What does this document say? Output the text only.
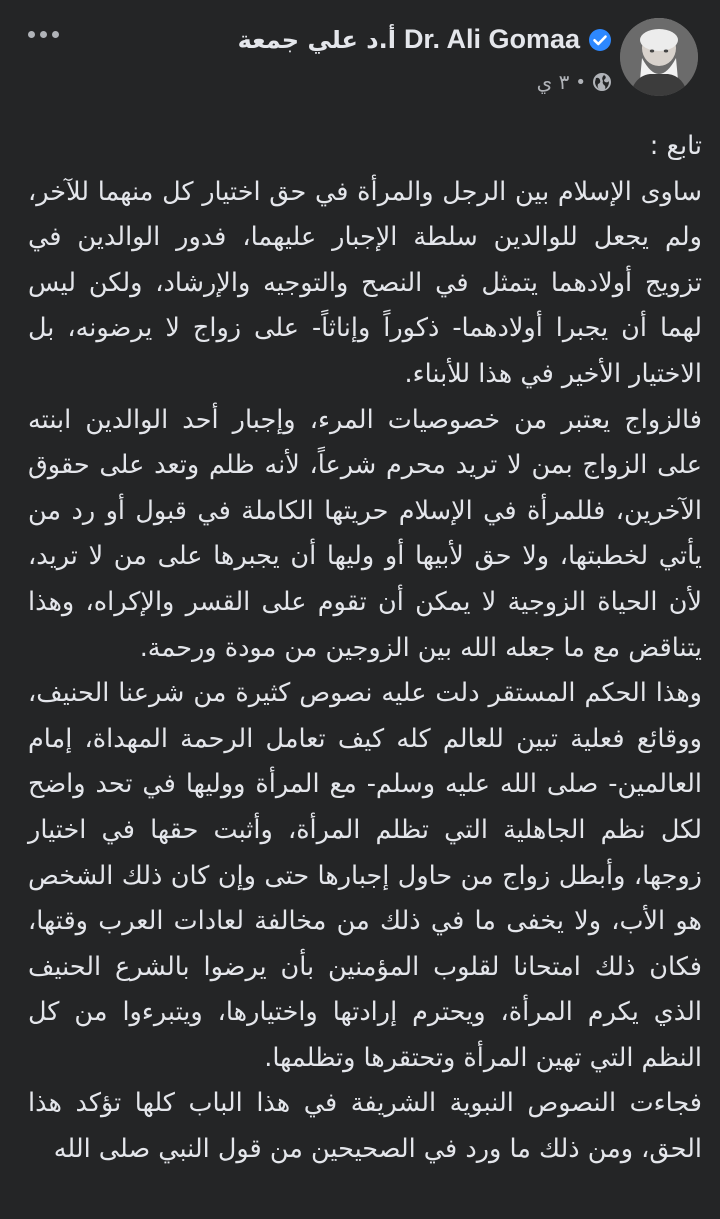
Dr. Ali Gomaa
أ.د علي جمعة
٣ ي •

تابع :

ساوى الإسلام بين الرجل والمرأة في حق اختيار كل منهما للآخر، ولم يجعل للوالدين سلطة الإجبار عليهما، فدور الوالدين في تزويج أولادهما يتمثل في النصح والتوجيه والإرشاد، ولكن ليس لهما أن يجبرا أولادهما- ذكوراً وإناثاً- على زواج لا يرضونه، بل الاختيار الأخير في هذا للأبناء.

فالزواج يعتبر من خصوصيات المرء، وإجبار أحد الوالدين ابنته على الزواج بمن لا تريد محرم شرعاً، لأنه ظلم وتعد على حقوق الآخرين، فللمرأة في الإسلام حريتها الكاملة في قبول أو رد من يأتي لخطبتها، ولا حق لأبيها أو وليها أن يجبرها على من لا تريد، لأن الحياة الزوجية لا يمكن أن تقوم على القسر والإكراه، وهذا يتناقض مع ما جعله الله بين الزوجين من مودة ورحمة.

وهذا الحكم المستقر دلت عليه نصوص كثيرة من شرعنا الحنيف، ووقائع فعلية تبين للعالم كله كيف تعامل الرحمة المهداة، إمام العالمين- صلى الله عليه وسلم- مع المرأة ووليها في تحد واضح لكل نظم الجاهلية التي تظلم المرأة، وأثبت حقها في اختيار زوجها، وأبطل زواج من حاول إجبارها حتى وإن كان ذلك الشخص هو الأب، ولا يخفى ما في ذلك من مخالفة لعادات العرب وقتها، فكان ذلك امتحانا لقلوب المؤمنين بأن يرضوا بالشرع الحنيف الذي يكرم المرأة، ويحترم إرادتها واختيارها، ويتبرءوا من كل النظم التي تهين المرأة وتحتقرها وتظلمها.

فجاءت النصوص النبوية الشريفة في هذا الباب كلها تؤكد هذا الحق، ومن ذلك ما ورد في الصحيحين من قول النبي صلى الله
